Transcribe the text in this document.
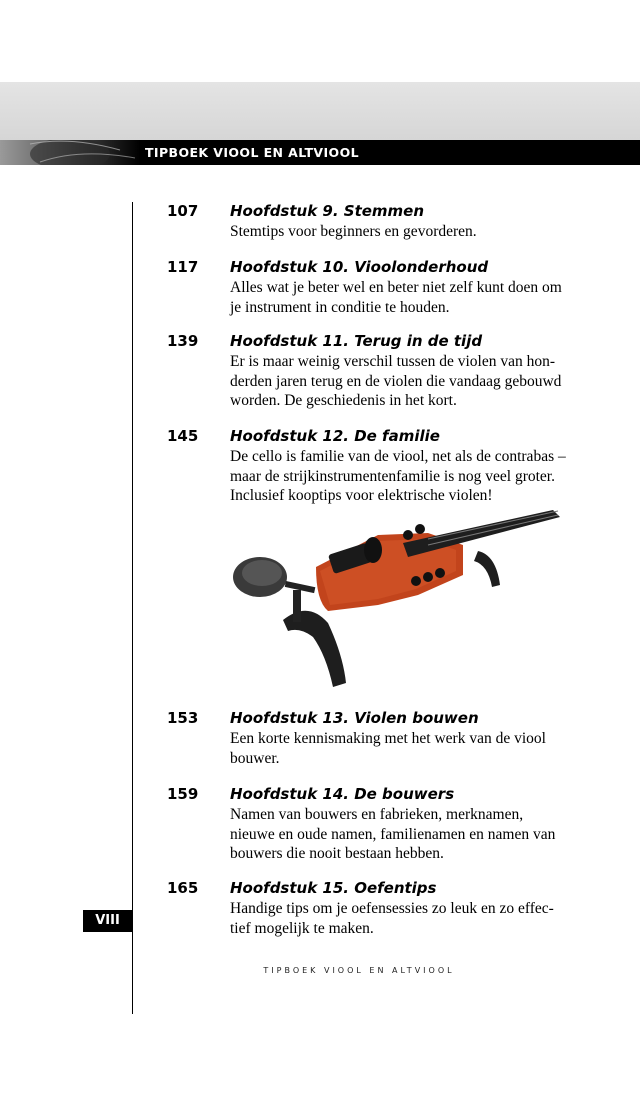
TIPBOEK VIOOL EN ALTVIOOL
VIII
107 Hoofdstuk 9. Stemmen
Stemtips voor beginners en gevorderen.
117 Hoofdstuk 10. Vioolonderhoud
Alles wat je beter wel en beter niet zelf kunt doen om
je instrument in conditie te houden.
139 Hoofdstuk 11. Terug in de tijd
Er is maar weinig verschil tussen de violen van hon-
derden jaren terug en de violen die vandaag gebouwd
worden. De geschiedenis in het kort.
145 Hoofdstuk 12. De familie
De cello is familie van de viool, net als de contrabas –
maar de strijkinstrumentenfamilie is nog veel groter.
Inclusief kooptips voor elektrische violen!
153 Hoofdstuk 13. Violen bouwen
Een korte kennismaking met het werk van de viool
bouwer.
159 Hoofdstuk 14. De bouwers
Namen van bouwers en fabrieken, merknamen,
nieuwe en oude namen, familienamen en namen van
bouwers die nooit bestaan hebben.
165 Hoofdstuk 15. Oefentips
Handige tips om je oefensessies zo leuk en zo effec-
tief mogelijk te maken.
TIPBOEK VIOOL EN ALTVIOOL
